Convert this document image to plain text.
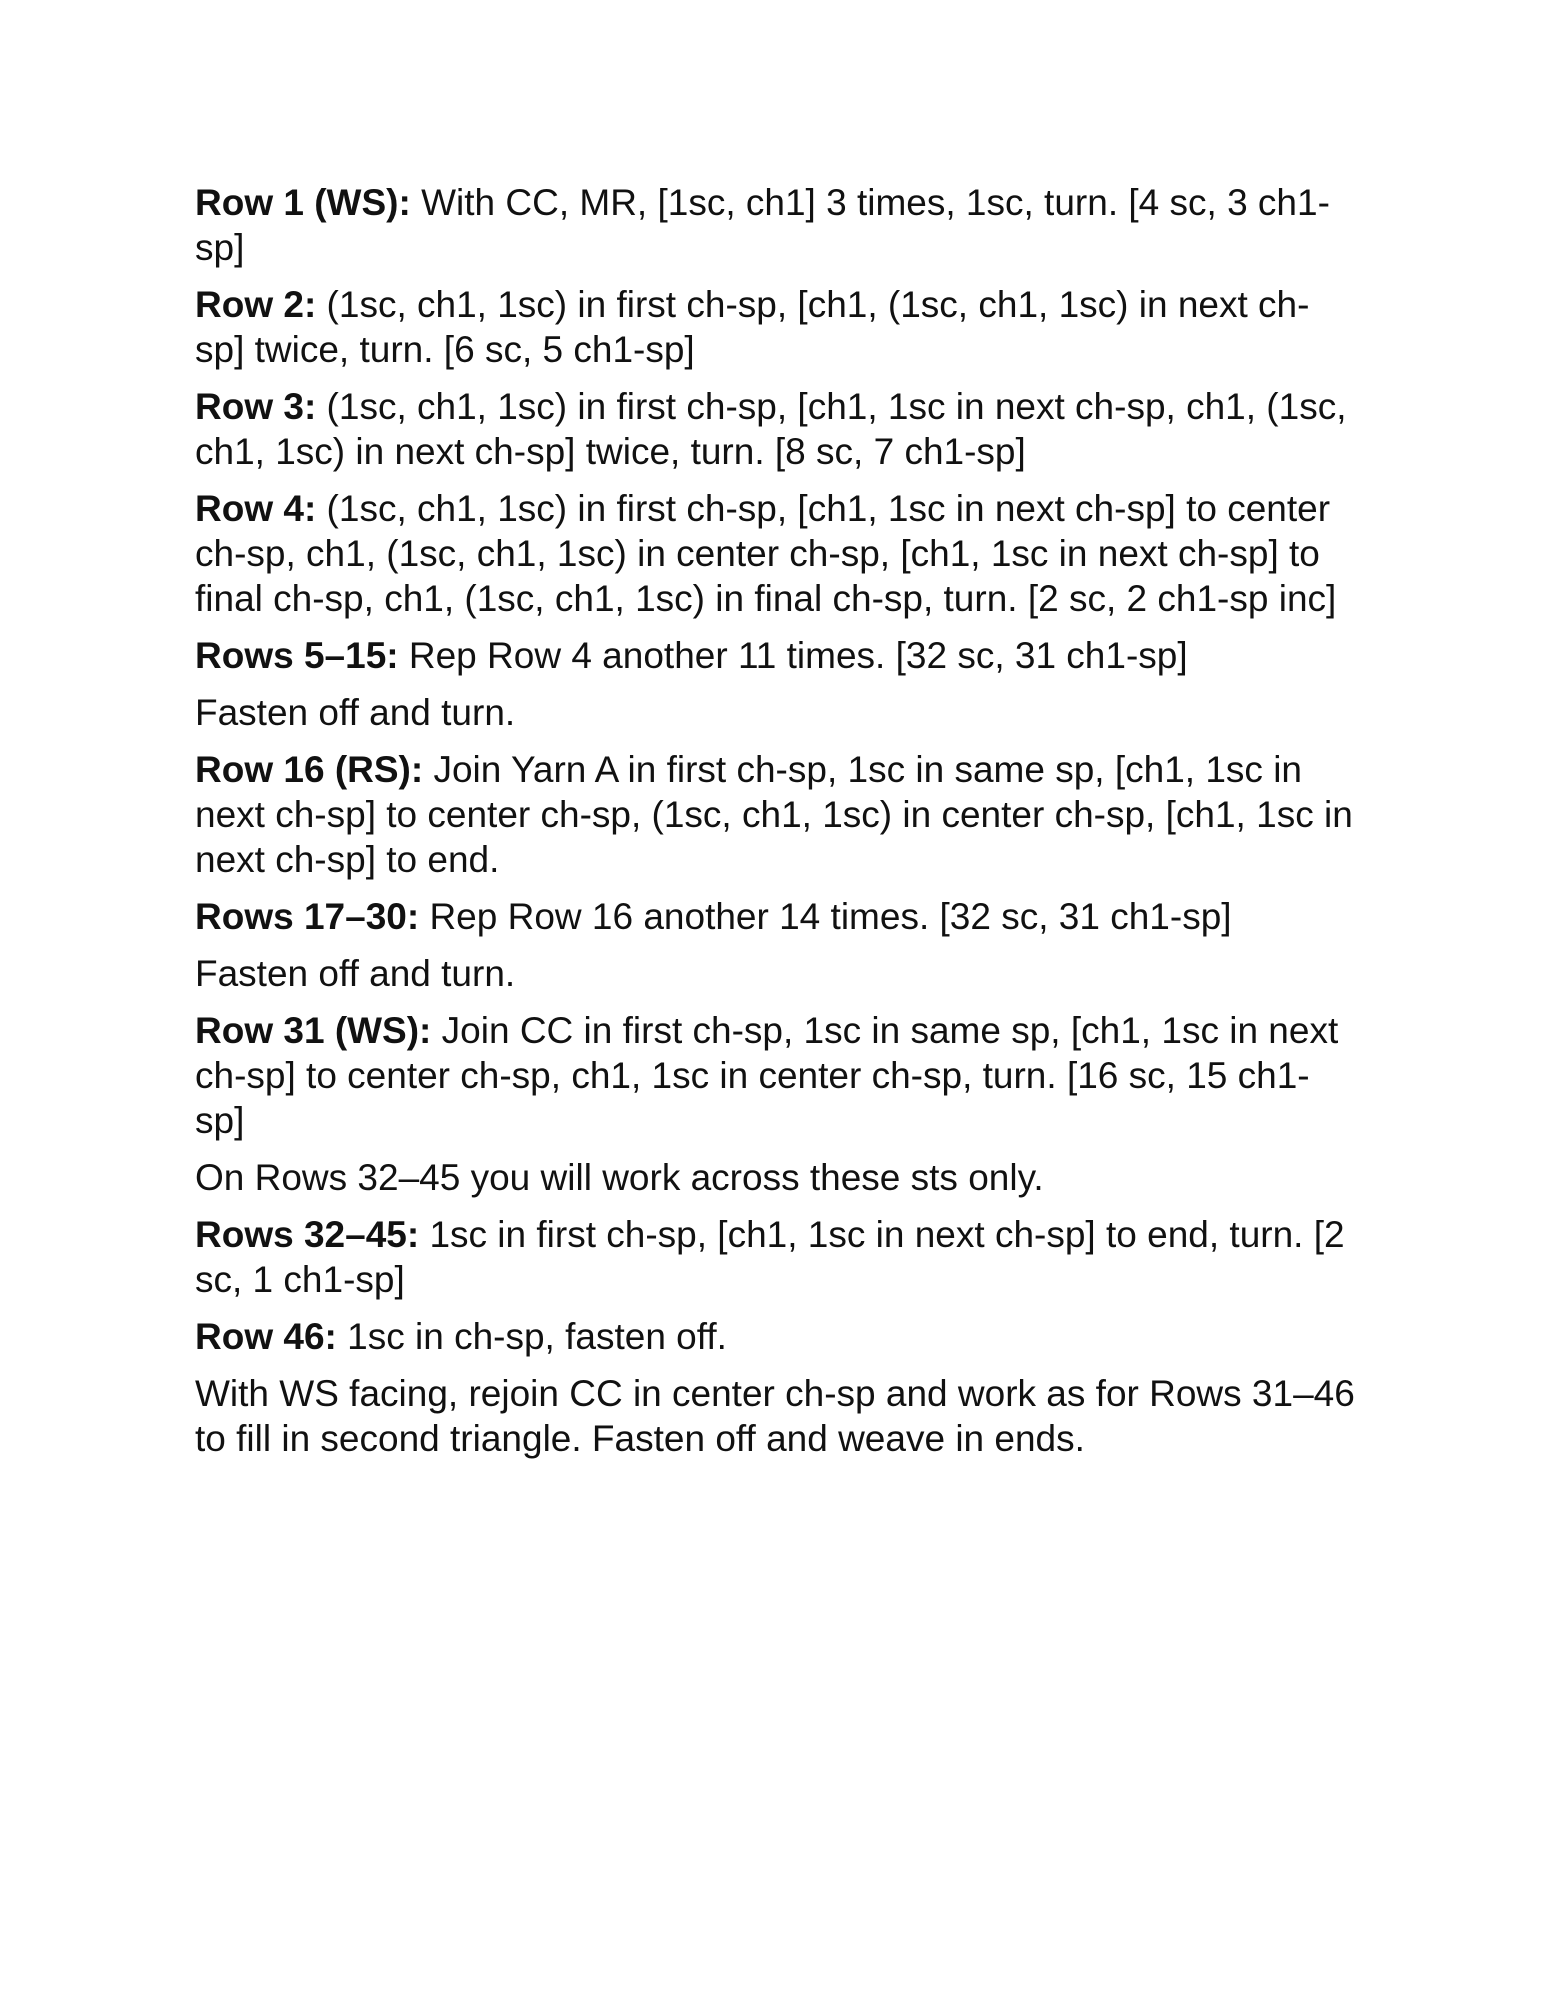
Row 1 (WS): With CC, MR, [1sc, ch1] 3 times, 1sc, turn. [4 sc, 3 ch1-sp]

Row 2: (1sc, ch1, 1sc) in first ch-sp, [ch1, (1sc, ch1, 1sc) in next ch-sp] twice, turn. [6 sc, 5 ch1-sp]

Row 3: (1sc, ch1, 1sc) in first ch-sp, [ch1, 1sc in next ch-sp, ch1, (1sc, ch1, 1sc) in next ch-sp] twice, turn. [8 sc, 7 ch1-sp]

Row 4: (1sc, ch1, 1sc) in first ch-sp, [ch1, 1sc in next ch-sp] to center ch-sp, ch1, (1sc, ch1, 1sc) in center ch-sp, [ch1, 1sc in next ch-sp] to final ch-sp, ch1, (1sc, ch1, 1sc) in final ch-sp, turn. [2 sc, 2 ch1-sp inc]

Rows 5–15: Rep Row 4 another 11 times. [32 sc, 31 ch1-sp]

Fasten off and turn.

Row 16 (RS): Join Yarn A in first ch-sp, 1sc in same sp, [ch1, 1sc in next ch-sp] to center ch-sp, (1sc, ch1, 1sc) in center ch-sp, [ch1, 1sc in next ch-sp] to end.

Rows 17–30: Rep Row 16 another 14 times. [32 sc, 31 ch1-sp]

Fasten off and turn.

Row 31 (WS): Join CC in first ch-sp, 1sc in same sp, [ch1, 1sc in next ch-sp] to center ch-sp, ch1, 1sc in center ch-sp, turn. [16 sc, 15 ch1-sp]

On Rows 32–45 you will work across these sts only.

Rows 32–45: 1sc in first ch-sp, [ch1, 1sc in next ch-sp] to end, turn. [2 sc, 1 ch1-sp]

Row 46: 1sc in ch-sp, fasten off.

With WS facing, rejoin CC in center ch-sp and work as for Rows 31–46 to fill in second triangle. Fasten off and weave in ends.
